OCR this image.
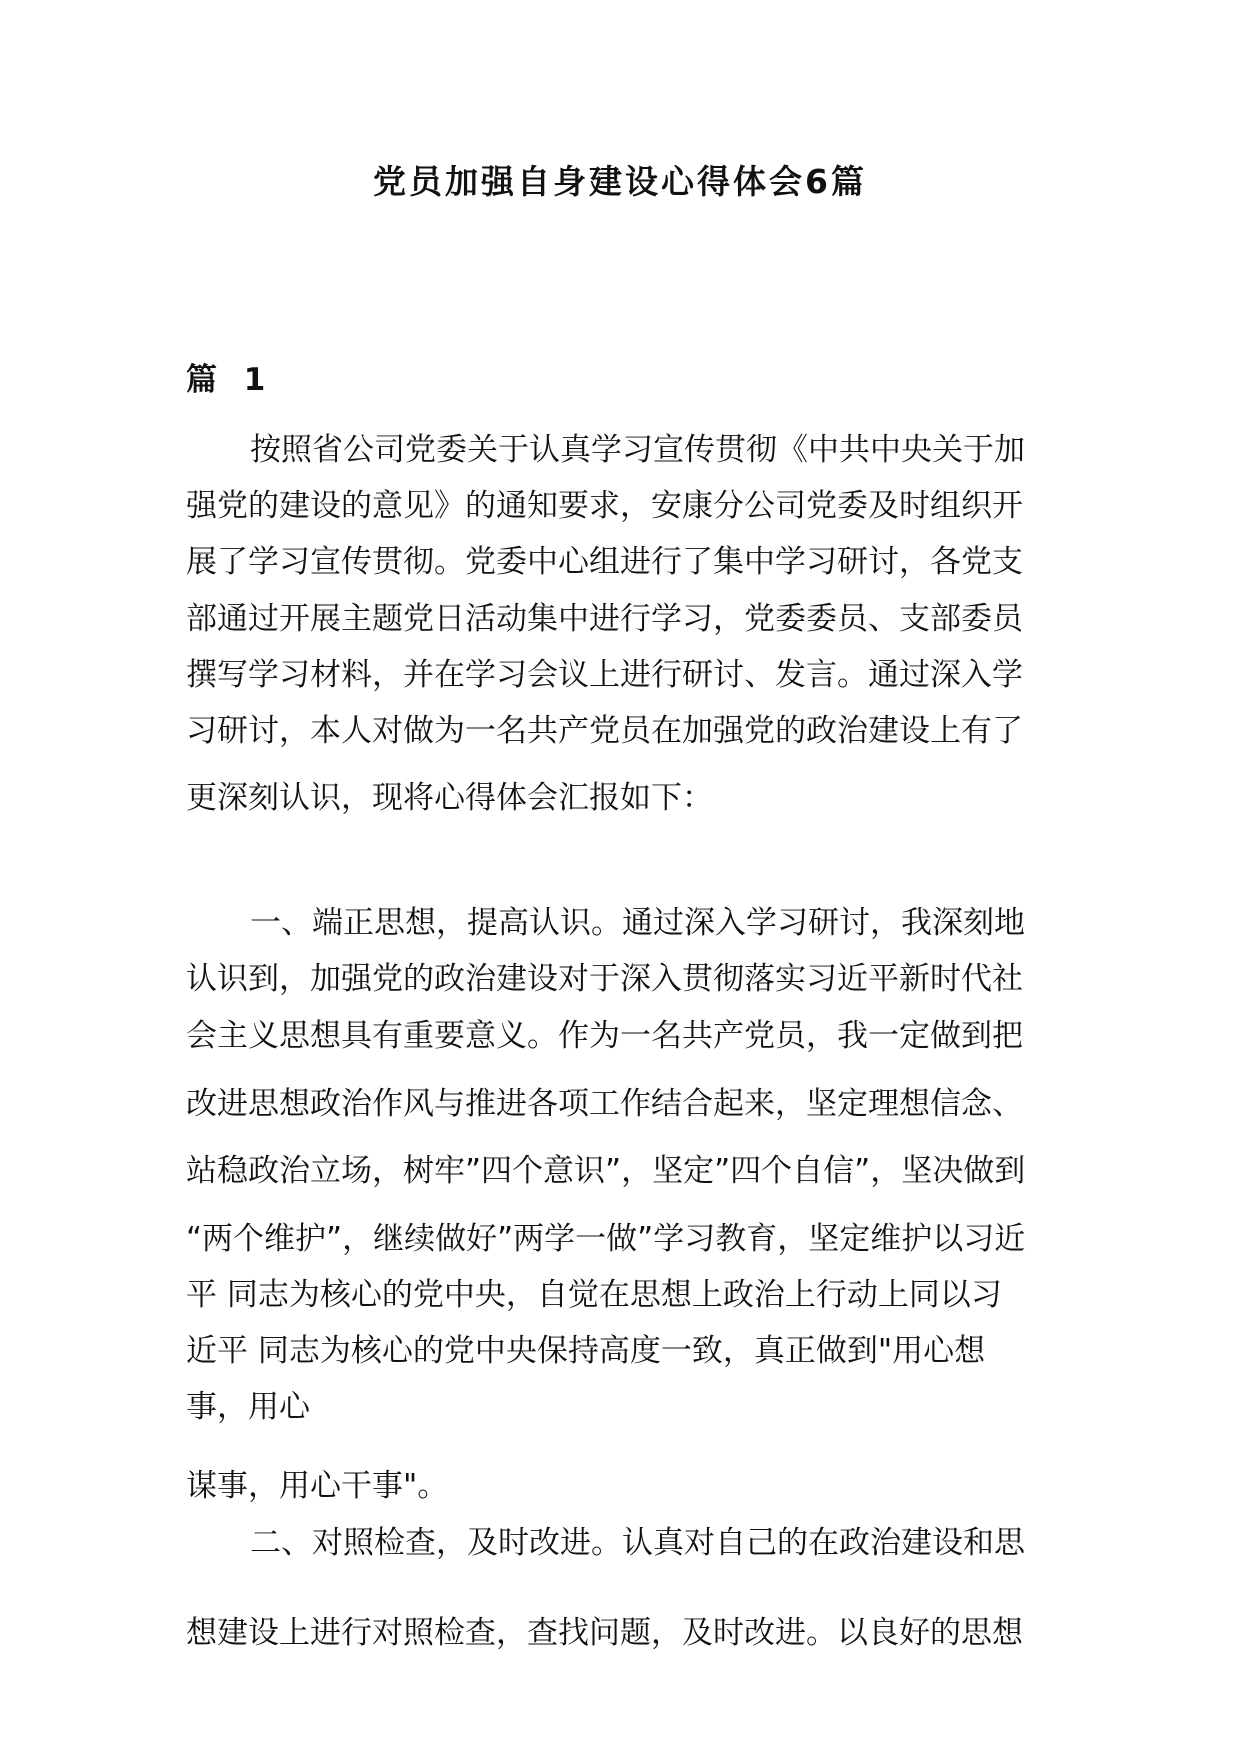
党员加强自身建设心得体会6篇
篇 1
按照省公司党委关于认真学习宣传贯彻《中共中央关于加
强党的建设的意见》的通知要求，安康分公司党委及时组织开
展了学习宣传贯彻。党委中心组进行了集中学习研讨，各党支
部通过开展主题党日活动集中进行学习，党委委员、支部委员
撰写学习材料，并在学习会议上进行研讨、发言。通过深入学
习研讨，本人对做为一名共产党员在加强党的政治建设上有了
更深刻认识，现将心得体会汇报如下：
一、端正思想，提高认识。通过深入学习研讨，我深刻地
认识到，加强党的政治建设对于深入贯彻落实习近平新时代社
会主义思想具有重要意义。作为一名共产党员，我一定做到把
改进思想政治作风与推进各项工作结合起来，坚定理想信念、
站稳政治立场，树牢”四个意识”，坚定”四个自信”，坚决做到
“两个维护”，继续做好”两学一做”学习教育，坚定维护以习近
平 同志为核心的党中央，自觉在思想上政治上行动上同以习
近平 同志为核心的党中央保持高度一致，真正做到"用心想
事，用心
谋事，用心干事"。
二、对照检查，及时改进。认真对自己的在政治建设和思
想建设上进行对照检查，查找问题，及时改进。以良好的思想
